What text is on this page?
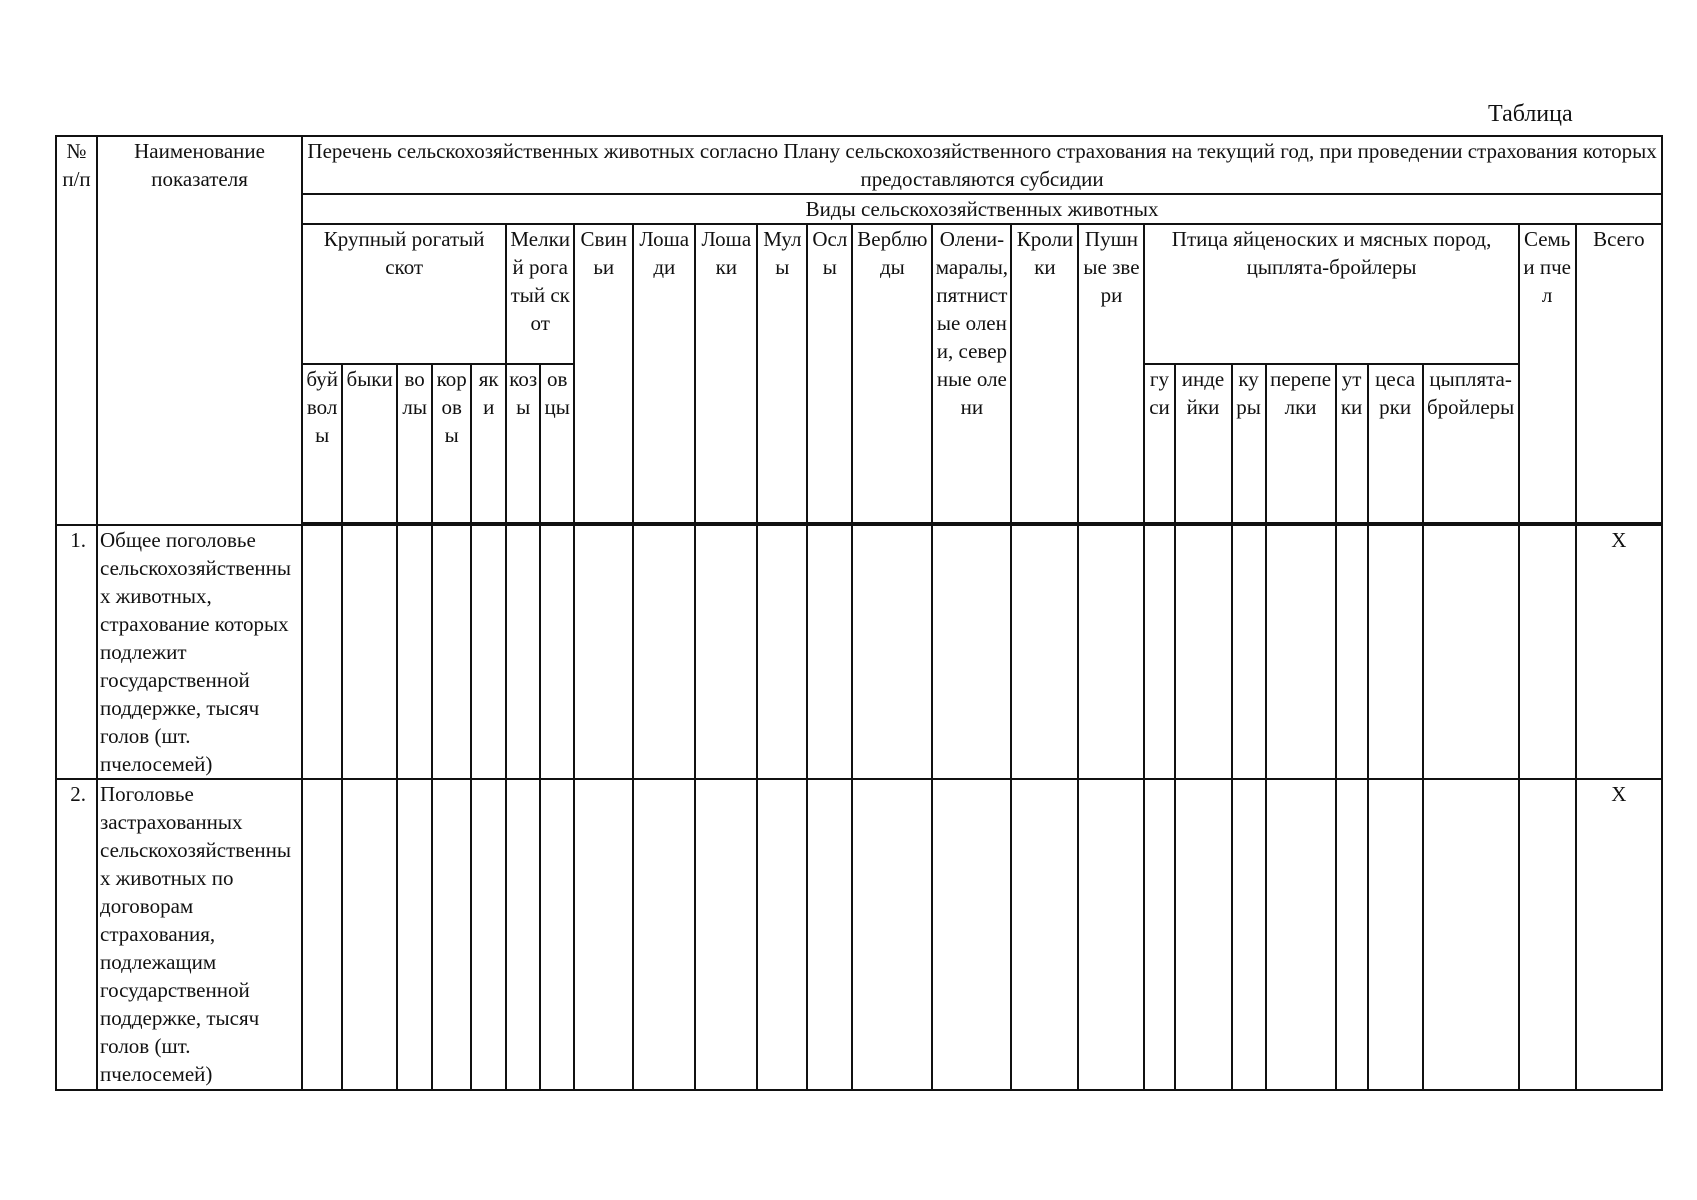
Таблица
№ п/п	Наименование показателя	Перечень сельскохозяйственных животных согласно Плану сельскохозяйственного страхования на текущий год, при проведении страхования которых предоставляются субсидии																								
		Виды сельскохозяйственных животных																								
		Крупный рогатый скот					Мелкий рогатый скот		Свиньи	Лошади	Лошаки	Мулы	Ослы	Верблюды	Олени-маралы, пятнистые олени, северные олени	Кролики	Пушные звери	Птица яйценоских и мясных пород, цыплята-бройлеры							Семьи пчел	Всего
		буйволы	быки	волы	коровы	яки	козы	овцы										гуси	индейки	куры	перепелки	утки	цесарки	цыплята-бройлеры		

1.	Общее поголовье сельскохозяйственных животных, страхование которых подлежит государственной поддержке, тысяч голов (шт. пчелосемей)																									X
2.	Поголовье застрахованных сельскохозяйственных животных по договорам страхования, подлежащим государственной поддержке, тысяч голов (шт. пчелосемей)																									X
